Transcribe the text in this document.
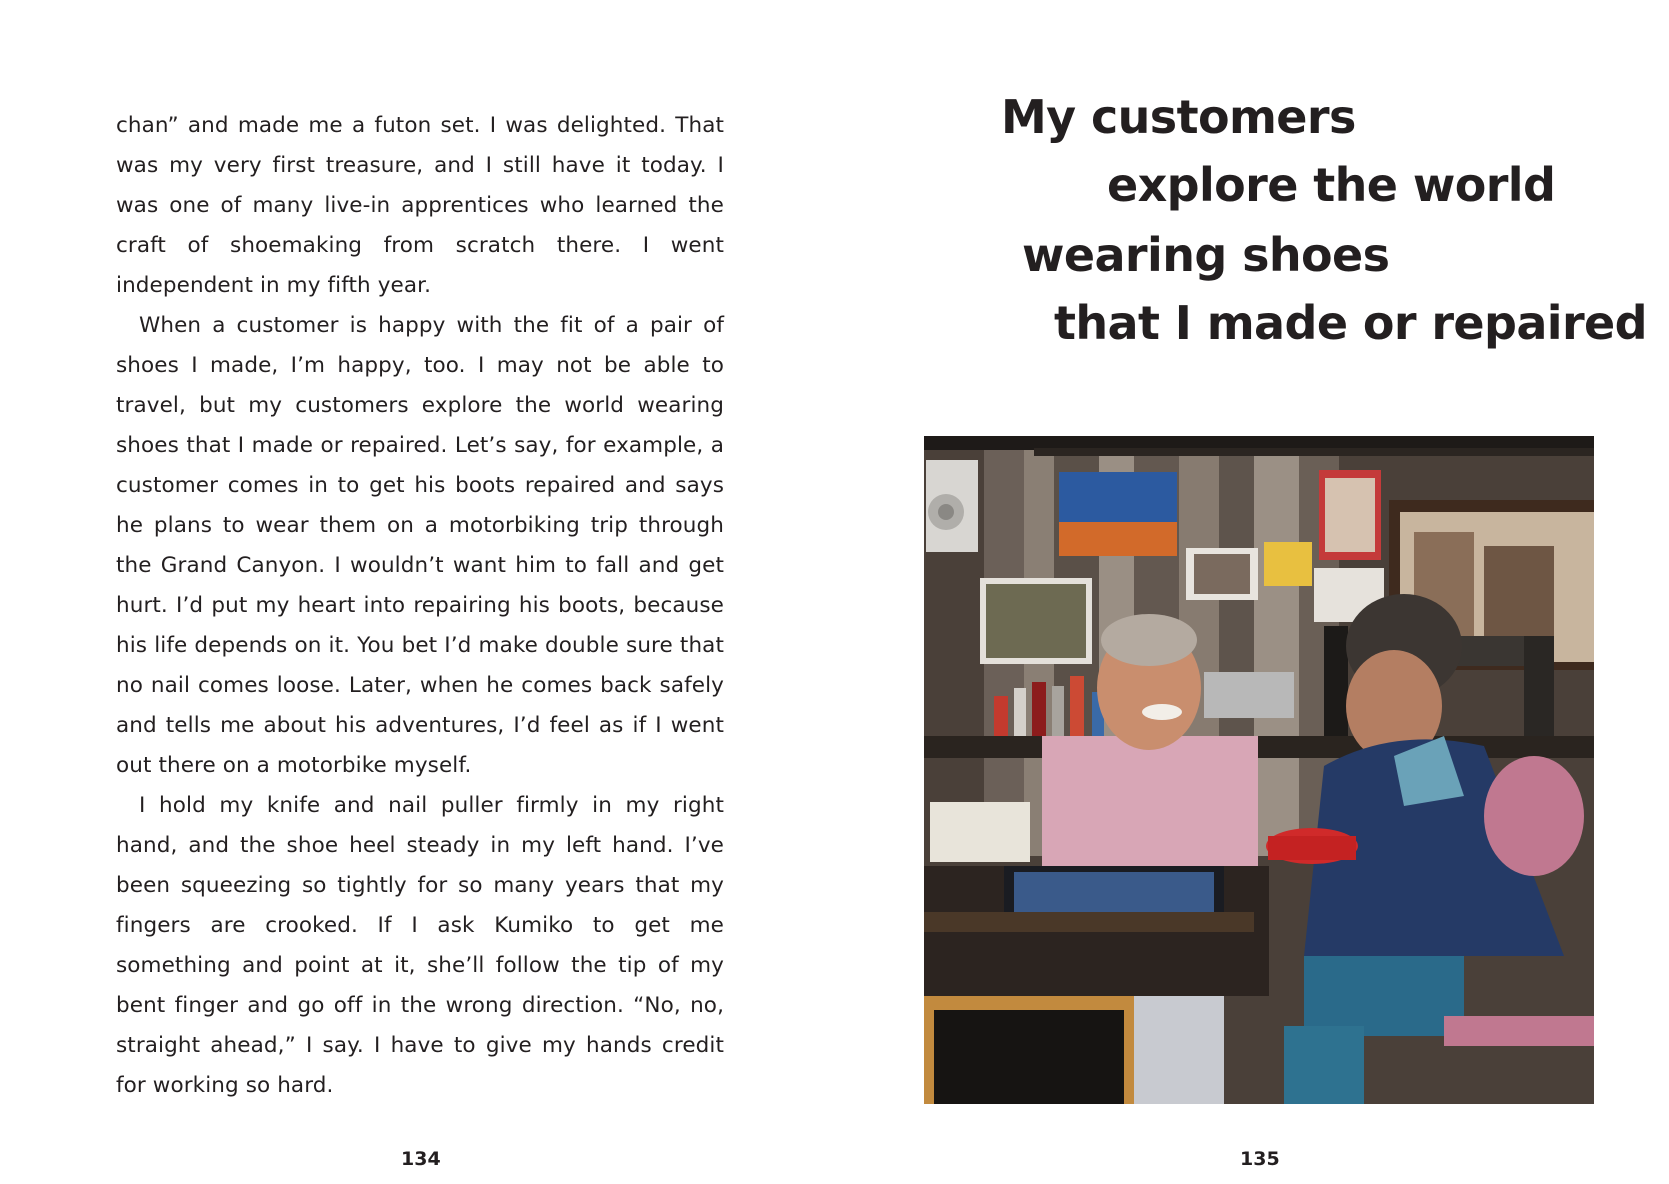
chan” and made me a futon set. I was delighted. That was my very first treasure, and I still have it today. I was one of many live-in apprentices who learned the craft of shoemaking from scratch there. I went independent in my fifth year.

When a customer is happy with the fit of a pair of shoes I made, I’m happy, too. I may not be able to travel, but my customers explore the world wearing shoes that I made or repaired. Let’s say, for example, a customer comes in to get his boots repaired and says he plans to wear them on a motorbiking trip through the Grand Canyon. I wouldn’t want him to fall and get hurt. I’d put my heart into repairing his boots, because his life depends on it. You bet I’d make double sure that no nail comes loose. Later, when he comes back safely and tells me about his adventures, I’d feel as if I went out there on a motorbike myself.

I hold my knife and nail puller firmly in my right hand, and the shoe heel steady in my left hand. I’ve been squeezing so tightly for so many years that my fingers are crooked. If I ask Kumiko to get me something and point at it, she’ll follow the tip of my bent finger and go off in the wrong direction. “No, no, straight ahead,” I say. I have to give my hands credit for working so hard.

134
My customers
explore the world
wearing shoes
that I made or repaired
135
